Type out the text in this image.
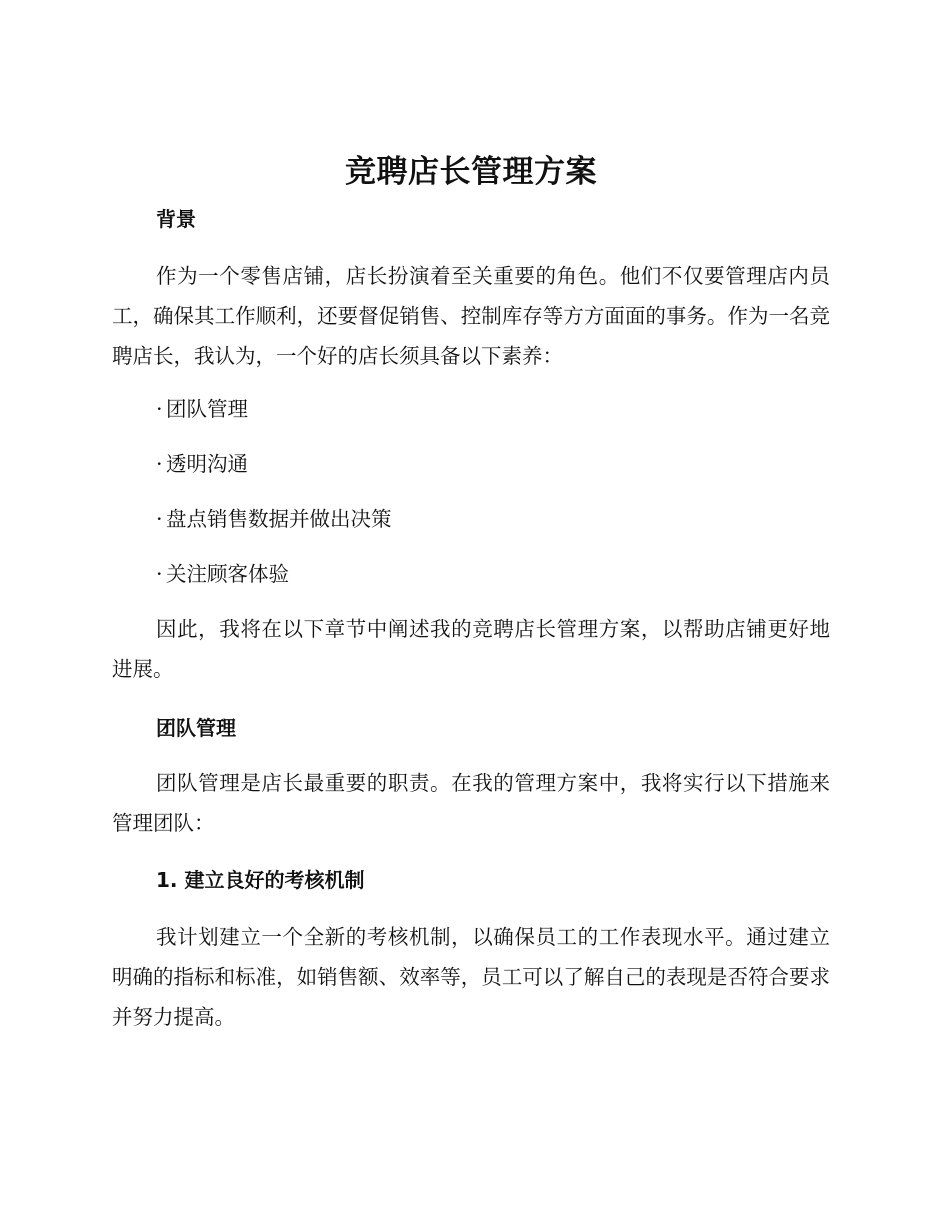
竞聘店长管理方案
背景

作为一个零售店铺，店长扮演着至关重要的角色。他们不仅要管理店内员工，确保其工作顺利，还要督促销售、控制库存等方方面面的事务。作为一名竞聘店长，我认为，一个好的店长须具备以下素养：

· 团队管理
· 透明沟通
· 盘点销售数据并做出决策
· 关注顾客体验

因此，我将在以下章节中阐述我的竞聘店长管理方案，以帮助店铺更好地进展。

团队管理

团队管理是店长最重要的职责。在我的管理方案中，我将实行以下措施来管理团队：

1. 建立良好的考核机制

我计划建立一个全新的考核机制，以确保员工的工作表现水平。通过建立明确的指标和标准，如销售额、效率等，员工可以了解自己的表现是否符合要求并努力提高。
